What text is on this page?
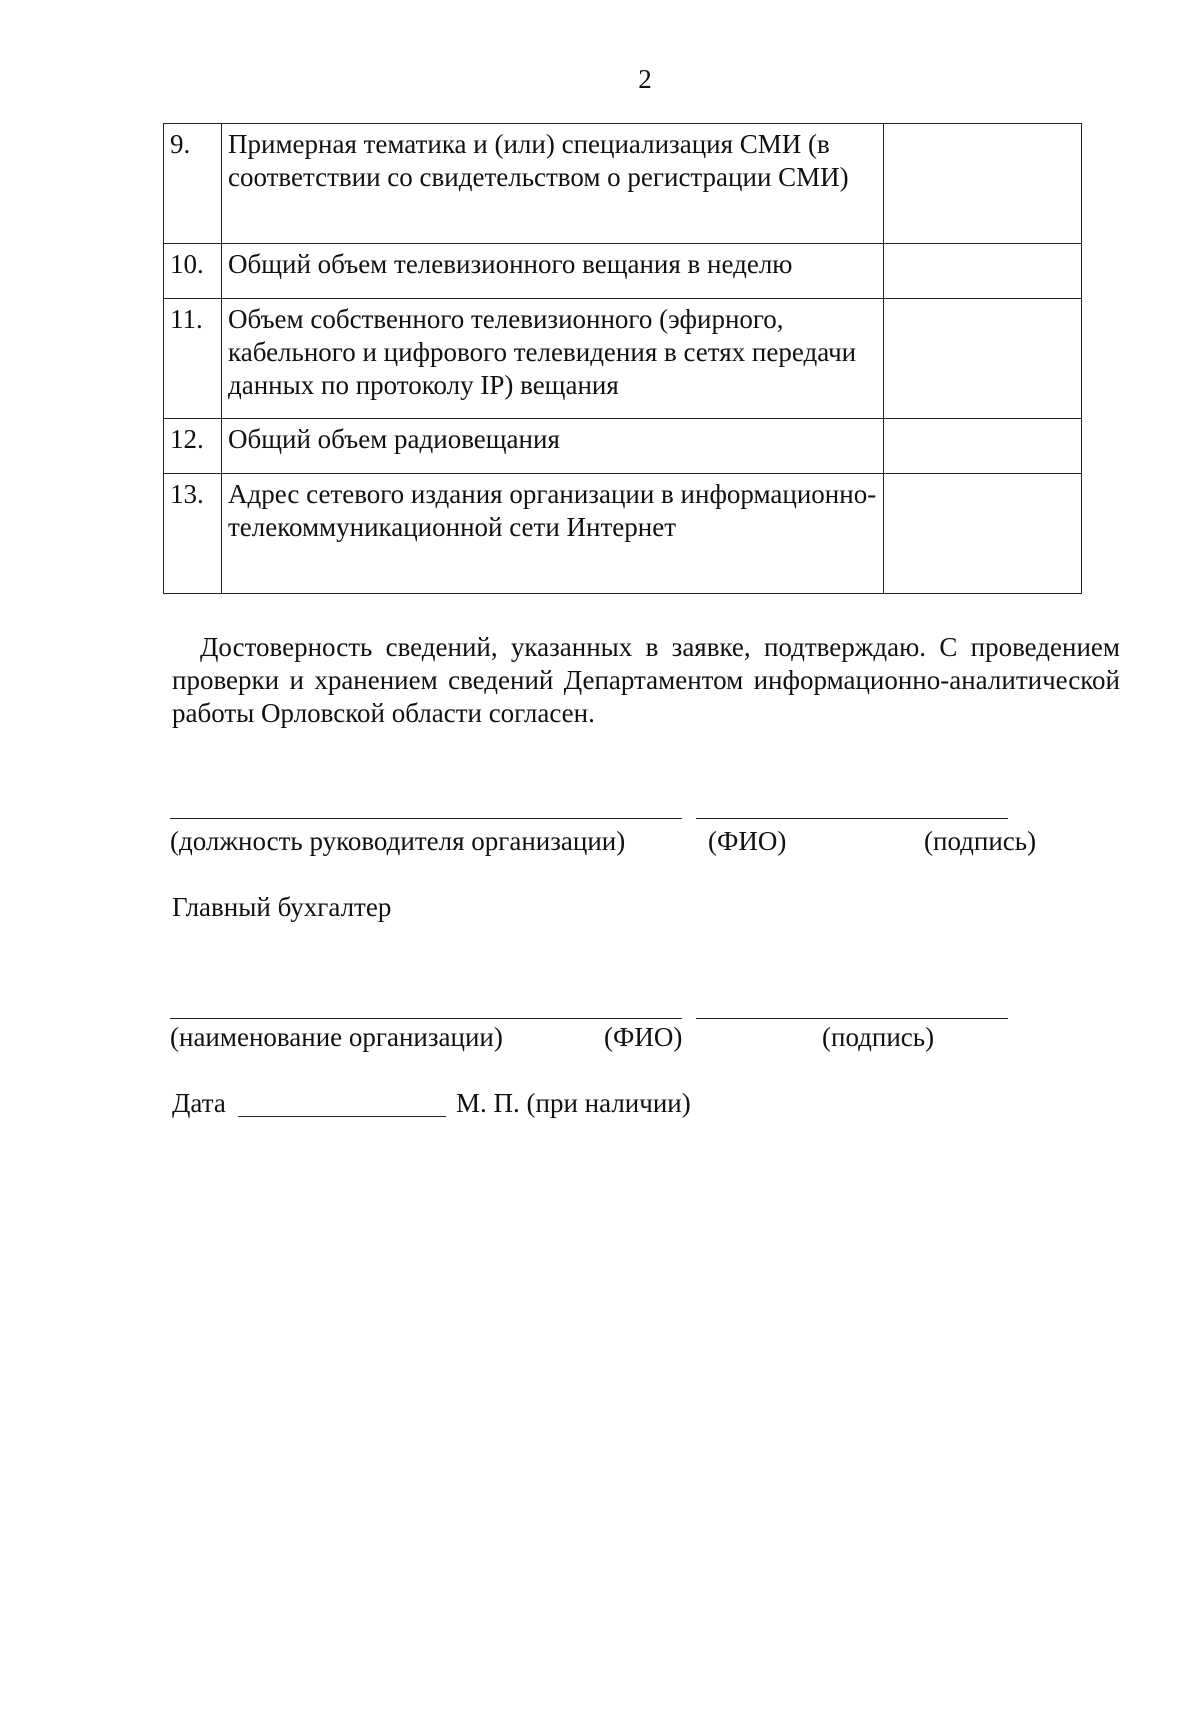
2
9.	Примерная тематика и (или) специализация СМИ (в соответствии со свидетельством о регистрации СМИ)	
10.	Общий объем телевизионного вещания в неделю	
11.	Объем собственного телевизионного (эфирного, кабельного и цифрового телевидения в сетях передачи данных по протоколу IP) вещания	
12.	Общий объем радиовещания	
13.	Адрес сетевого издания организации в информационно-телекоммуникационной сети Интернет	
Достоверность сведений, указанных в заявке, подтверждаю. С проведением проверки и хранением сведений Департаментом информационно-аналитической работы Орловской области согласен.
(должность руководителя организации)	(ФИО)	(подпись)
Главный бухгалтер
(наименование организации)	(ФИО)	(подпись)
Дата	М. П. (при наличии)
